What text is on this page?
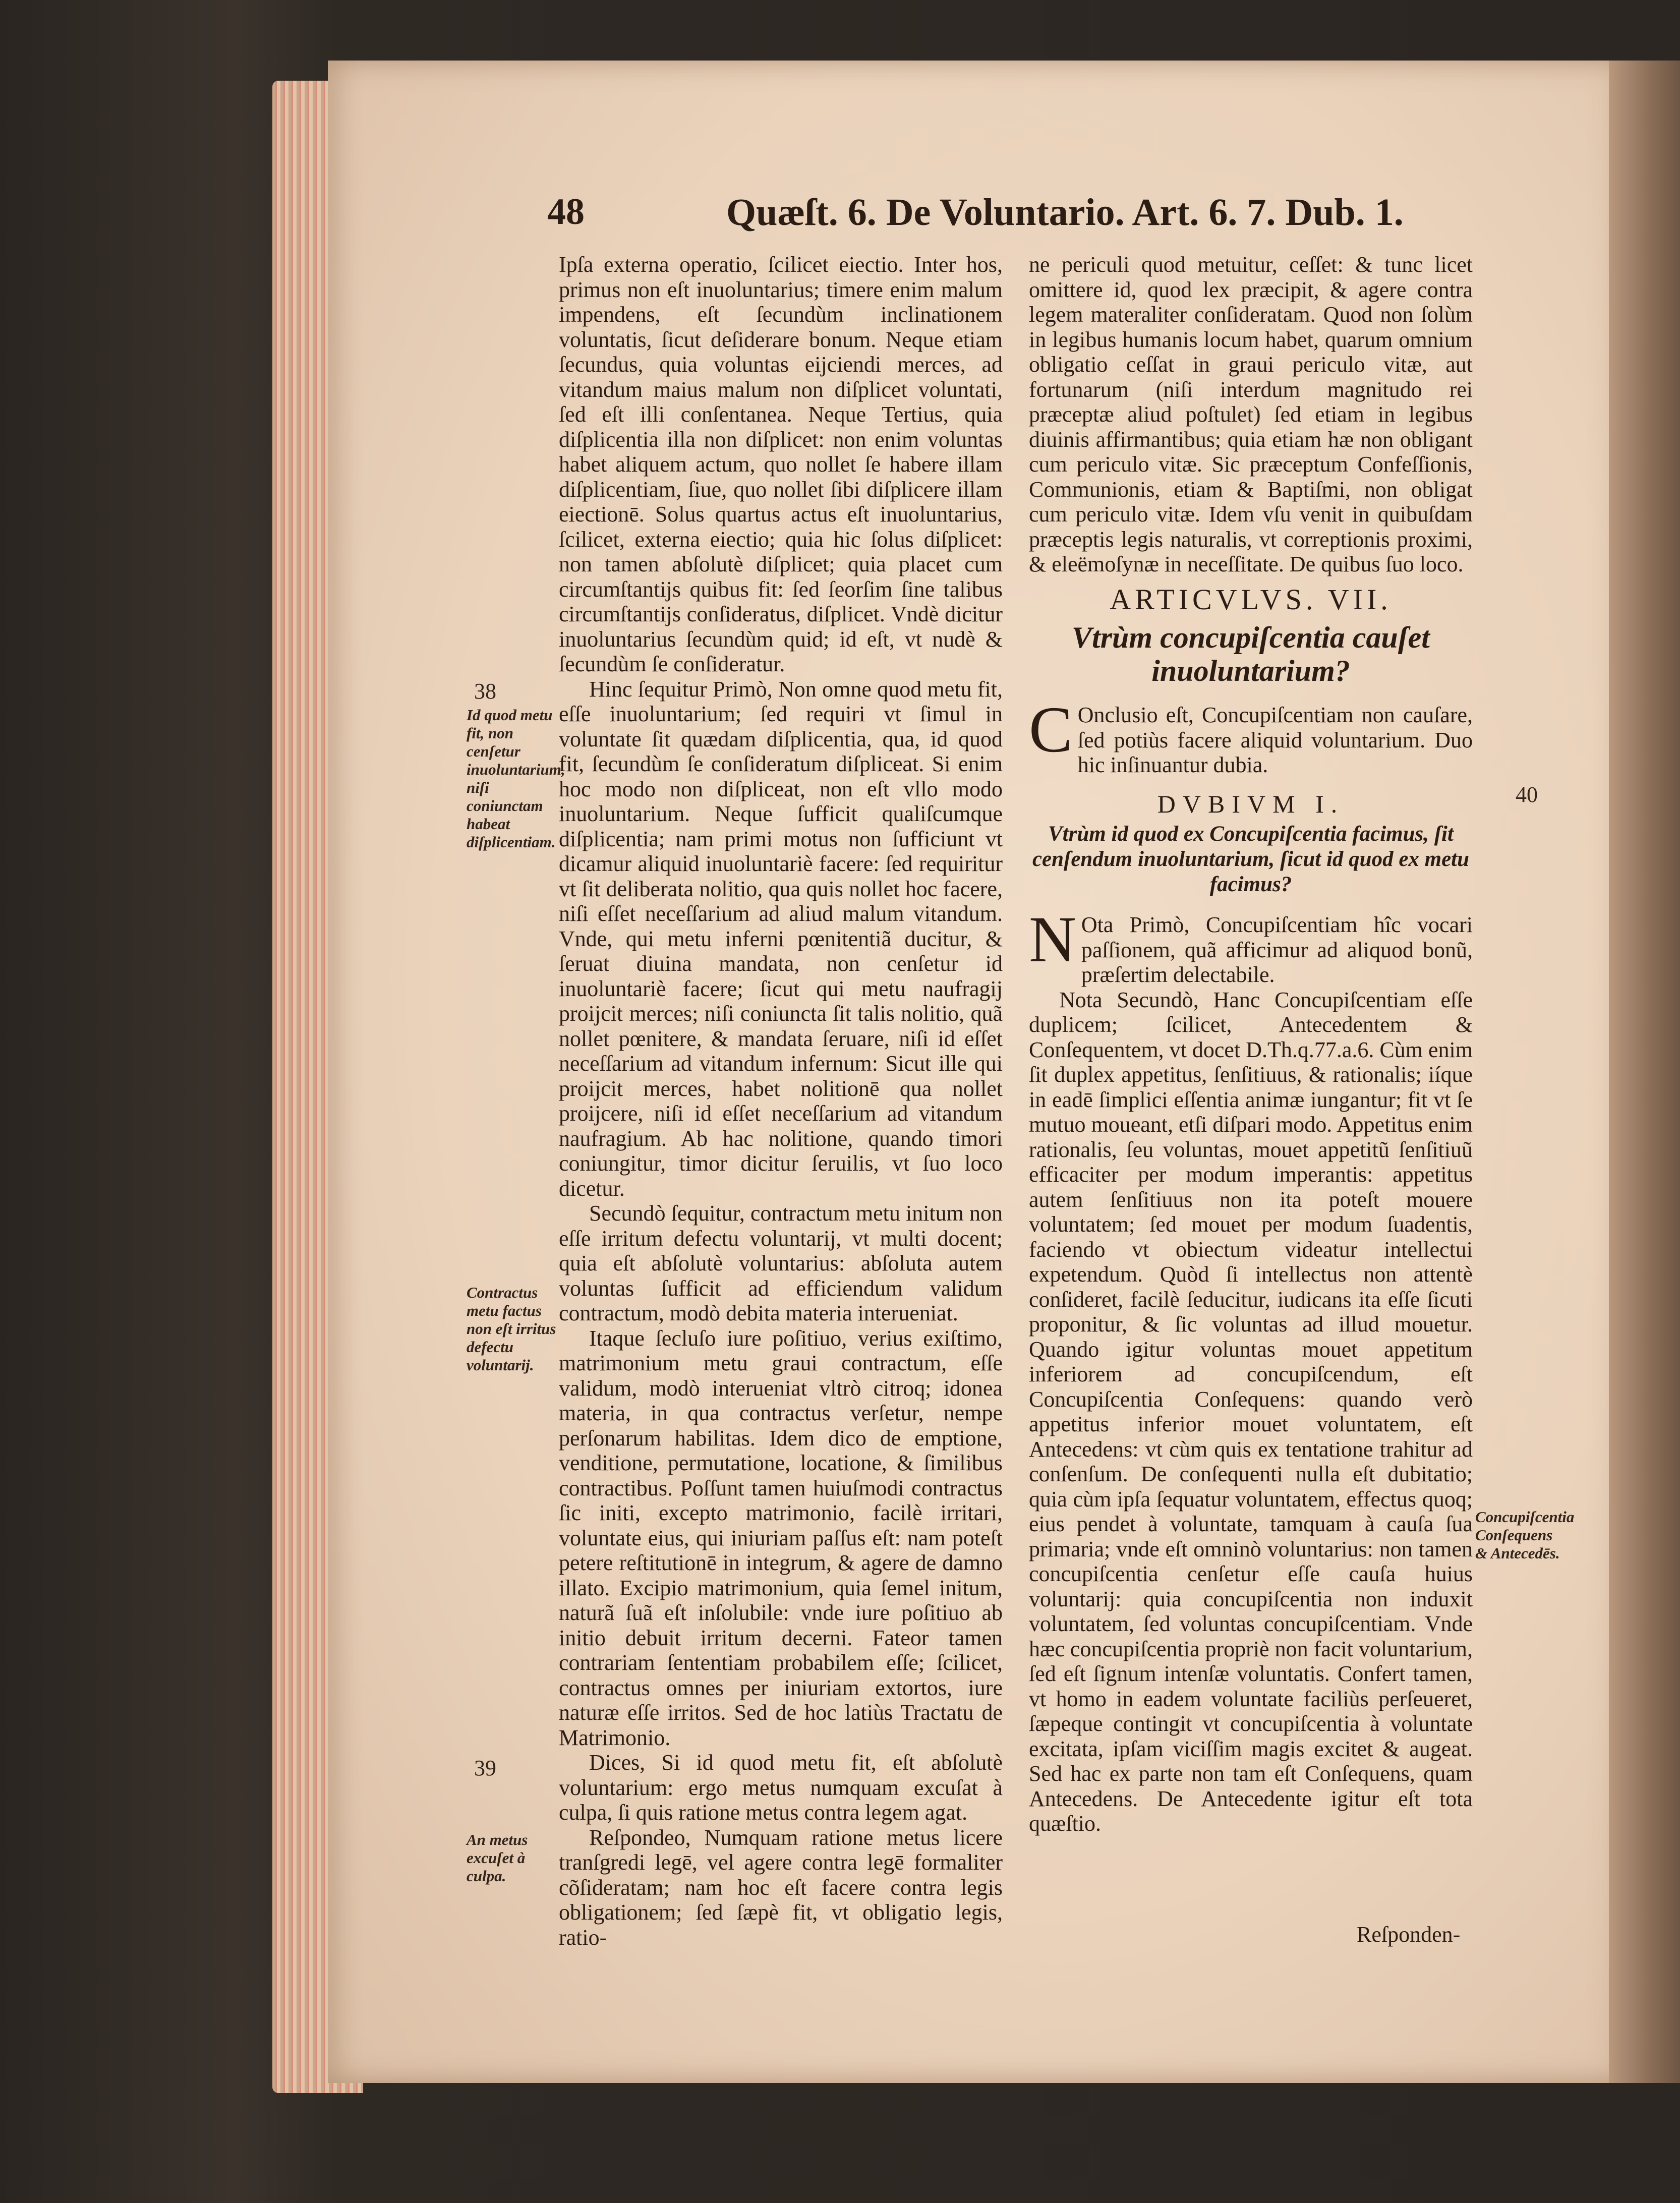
48	Quæſt. 6. De Voluntario. Art. 6. 7. Dub. 1.

Ipſa externa operatio, ſcilicet eiectio. Inter hos, primus non eſt inuoluntarius; timere enim malum impendens, eſt ſecundùm inclinationem voluntatis, ſicut deſiderare bonum. Neque etiam ſecundus, quia voluntas eijciendi merces, ad vitandum maius malum non diſplicet voluntati, ſed eſt illi conſentanea. Neque Tertius, quia diſplicentia illa non diſplicet: non enim voluntas habet aliquem actum, quo nollet ſe habere illam diſplicentiam, ſiue, quo nollet ſibi diſplicere illam eiectionē. Solus quartus actus eſt inuoluntarius, ſcilicet, externa eiectio; quia hic ſolus diſplicet: non tamen abſolutè diſplicet; quia placet cum circumſtantijs quibus fit: ſed ſeorſim ſine talibus circumſtantijs conſideratus, diſplicet. Vndè dicitur inuoluntarius ſecundùm quid; id eſt, vt nudè & ſecundùm ſe conſideratur.

Hinc ſequitur Primò, Non omne quod metu fit, eſſe inuoluntarium; ſed requiri vt ſimul in voluntate ſit quædam diſplicentia, qua, id quod fit, ſecundùm ſe conſideratum diſpliceat. Si enim hoc modo non diſpliceat, non eſt vllo modo inuoluntarium. Neque ſufficit qualiſcumque diſplicentia; nam primi motus non ſufficiunt vt dicamur aliquid inuoluntariè facere: ſed requiritur vt ſit deliberata nolitio, qua quis nollet hoc facere, niſi eſſet neceſſarium ad aliud malum vitandum. Vnde, qui metu inferni pœnitentiã ducitur, & ſeruat diuina mandata, non cenſetur id inuoluntariè facere; ſicut qui metu naufragij proijcit merces; niſi coniuncta ſit talis nolitio, quã nollet pœnitere, & mandata ſeruare, niſi id eſſet neceſſarium ad vitandum infernum: Sicut ille qui proijcit merces, habet nolitionē qua nollet proijcere, niſi id eſſet neceſſarium ad vitandum naufragium. Ab hac nolitione, quando timori coniungitur, timor dicitur ſeruilis, vt ſuo loco dicetur.

Secundò ſequitur, contractum metu initum non eſſe irritum defectu voluntarij, vt multi docent; quia eſt abſolutè voluntarius: abſoluta autem voluntas ſufficit ad efficiendum validum contractum, modò debita materia interueniat.

Itaque ſecluſo iure poſitiuo, verius exiſtimo, matrimonium metu graui contractum, eſſe validum, modò interueniat vltrò citroq; idonea materia, in qua contractus verſetur, nempe perſonarum habilitas. Idem dico de emptione, venditione, permutatione, locatione, & ſimilibus contractibus. Poſſunt tamen huiuſmodi contractus ſic initi, excepto matrimonio, facilè irritari, voluntate eius, qui iniuriam paſſus eſt: nam poteſt petere reſtitutionē in integrum, & agere de damno illato. Excipio matrimonium, quia ſemel initum, naturã ſuã eſt inſolubile: vnde iure poſitiuo ab initio debuit irritum decerni. Fateor tamen contrariam ſententiam probabilem eſſe; ſcilicet, contractus omnes per iniuriam extortos, iure naturæ eſſe irritos. Sed de hoc latiùs Tractatu de Matrimonio.

Dices, Si id quod metu fit, eſt abſolutè voluntarium: ergo metus numquam excuſat à culpa, ſi quis ratione metus contra legem agat.

Reſpondeo, Numquam ratione metus licere tranſgredi legē, vel agere contra legē formaliter cõſideratam; nam hoc eſt facere contra legis obligationem; ſed ſæpè fit, vt obligatio legis, ratio-

ne periculi quod metuitur, ceſſet: & tunc licet omittere id, quod lex præcipit, & agere contra legem materaliter conſideratam. Quod non ſolùm in legibus humanis locum habet, quarum omnium obligatio ceſſat in graui periculo vitæ, aut fortunarum (niſi interdum magnitudo rei præceptæ aliud poſtulet) ſed etiam in legibus diuinis affirmantibus; quia etiam hæ non obligant cum periculo vitæ. Sic præceptum Confeſſionis, Communionis, etiam & Baptiſmi, non obligat cum periculo vitæ. Idem vſu venit in quibuſdam præceptis legis naturalis, vt correptionis proximi, & eleëmoſynæ in neceſſitate. De quibus ſuo loco.

ARTICVLVS. VII.
Vtrùm concupiſcentia cauſet inuoluntarium?

C Onclusio eſt, Concupiſcentiam non cauſare, ſed potiùs facere aliquid voluntarium. Duo hic inſinuantur dubia.

DVBIVM I.
Vtrùm id quod ex Concupiſcentia facimus, ſit cenſendum inuoluntarium, ſicut id quod ex metu facimus?

N Ota Primò, Concupiſcentiam hîc vocari paſſionem, quã afficimur ad aliquod bonũ, præſertim delectabile.

Nota Secundò, Hanc Concupiſcentiam eſſe duplicem; ſcilicet, Antecedentem & Conſequentem, vt docet D.Th.q.77.a.6. Cùm enim ſit duplex appetitus, ſenſitiuus, & rationalis; iíque in eadē ſimplici eſſentia animæ iungantur; fit vt ſe mutuo moueant, etſi diſpari modo. Appetitus enim rationalis, ſeu voluntas, mouet appetitũ ſenſitiuũ efficaciter per modum imperantis: appetitus autem ſenſitiuus non ita poteſt mouere voluntatem; ſed mouet per modum ſuadentis, faciendo vt obiectum videatur intellectui expetendum. Quòd ſi intellectus non attentè conſideret, facilè ſeducitur, iudicans ita eſſe ſicuti proponitur, & ſic voluntas ad illud mouetur. Quando igitur voluntas mouet appetitum inferiorem ad concupiſcendum, eſt Concupiſcentia Conſequens: quando verò appetitus inferior mouet voluntatem, eſt Antecedens: vt cùm quis ex tentatione trahitur ad conſenſum. De conſequenti nulla eſt dubitatio; quia cùm ipſa ſequatur voluntatem, effectus quoq; eius pendet à voluntate, tamquam à cauſa ſua primaria; vnde eſt omninò voluntarius: non tamen concupiſcentia cenſetur eſſe cauſa huius voluntarij: quia concupiſcentia non induxit voluntatem, ſed voluntas concupiſcentiam. Vnde hæc concupiſcentia propriè non facit voluntarium, ſed eſt ſignum intenſæ voluntatis. Confert tamen, vt homo in eadem voluntate faciliùs perſeueret, ſæpeque contingit vt concupiſcentia à voluntate excitata, ipſam viciſſim magis excitet & augeat. Sed hac ex parte non tam eſt Conſequens, quam Antecedens. De Antecedente igitur eſt tota quæſtio.

38
Id quod metu fit, non cenſetur inuoluntarium, niſi coniunctam habeat diſplicentiam.
Contractus metu factus non eſt irritus defectu voluntarij.
39
An metus excuſet à culpa.
40
Concupiſcentia Conſequens & Antecedēs.
Reſponden-
